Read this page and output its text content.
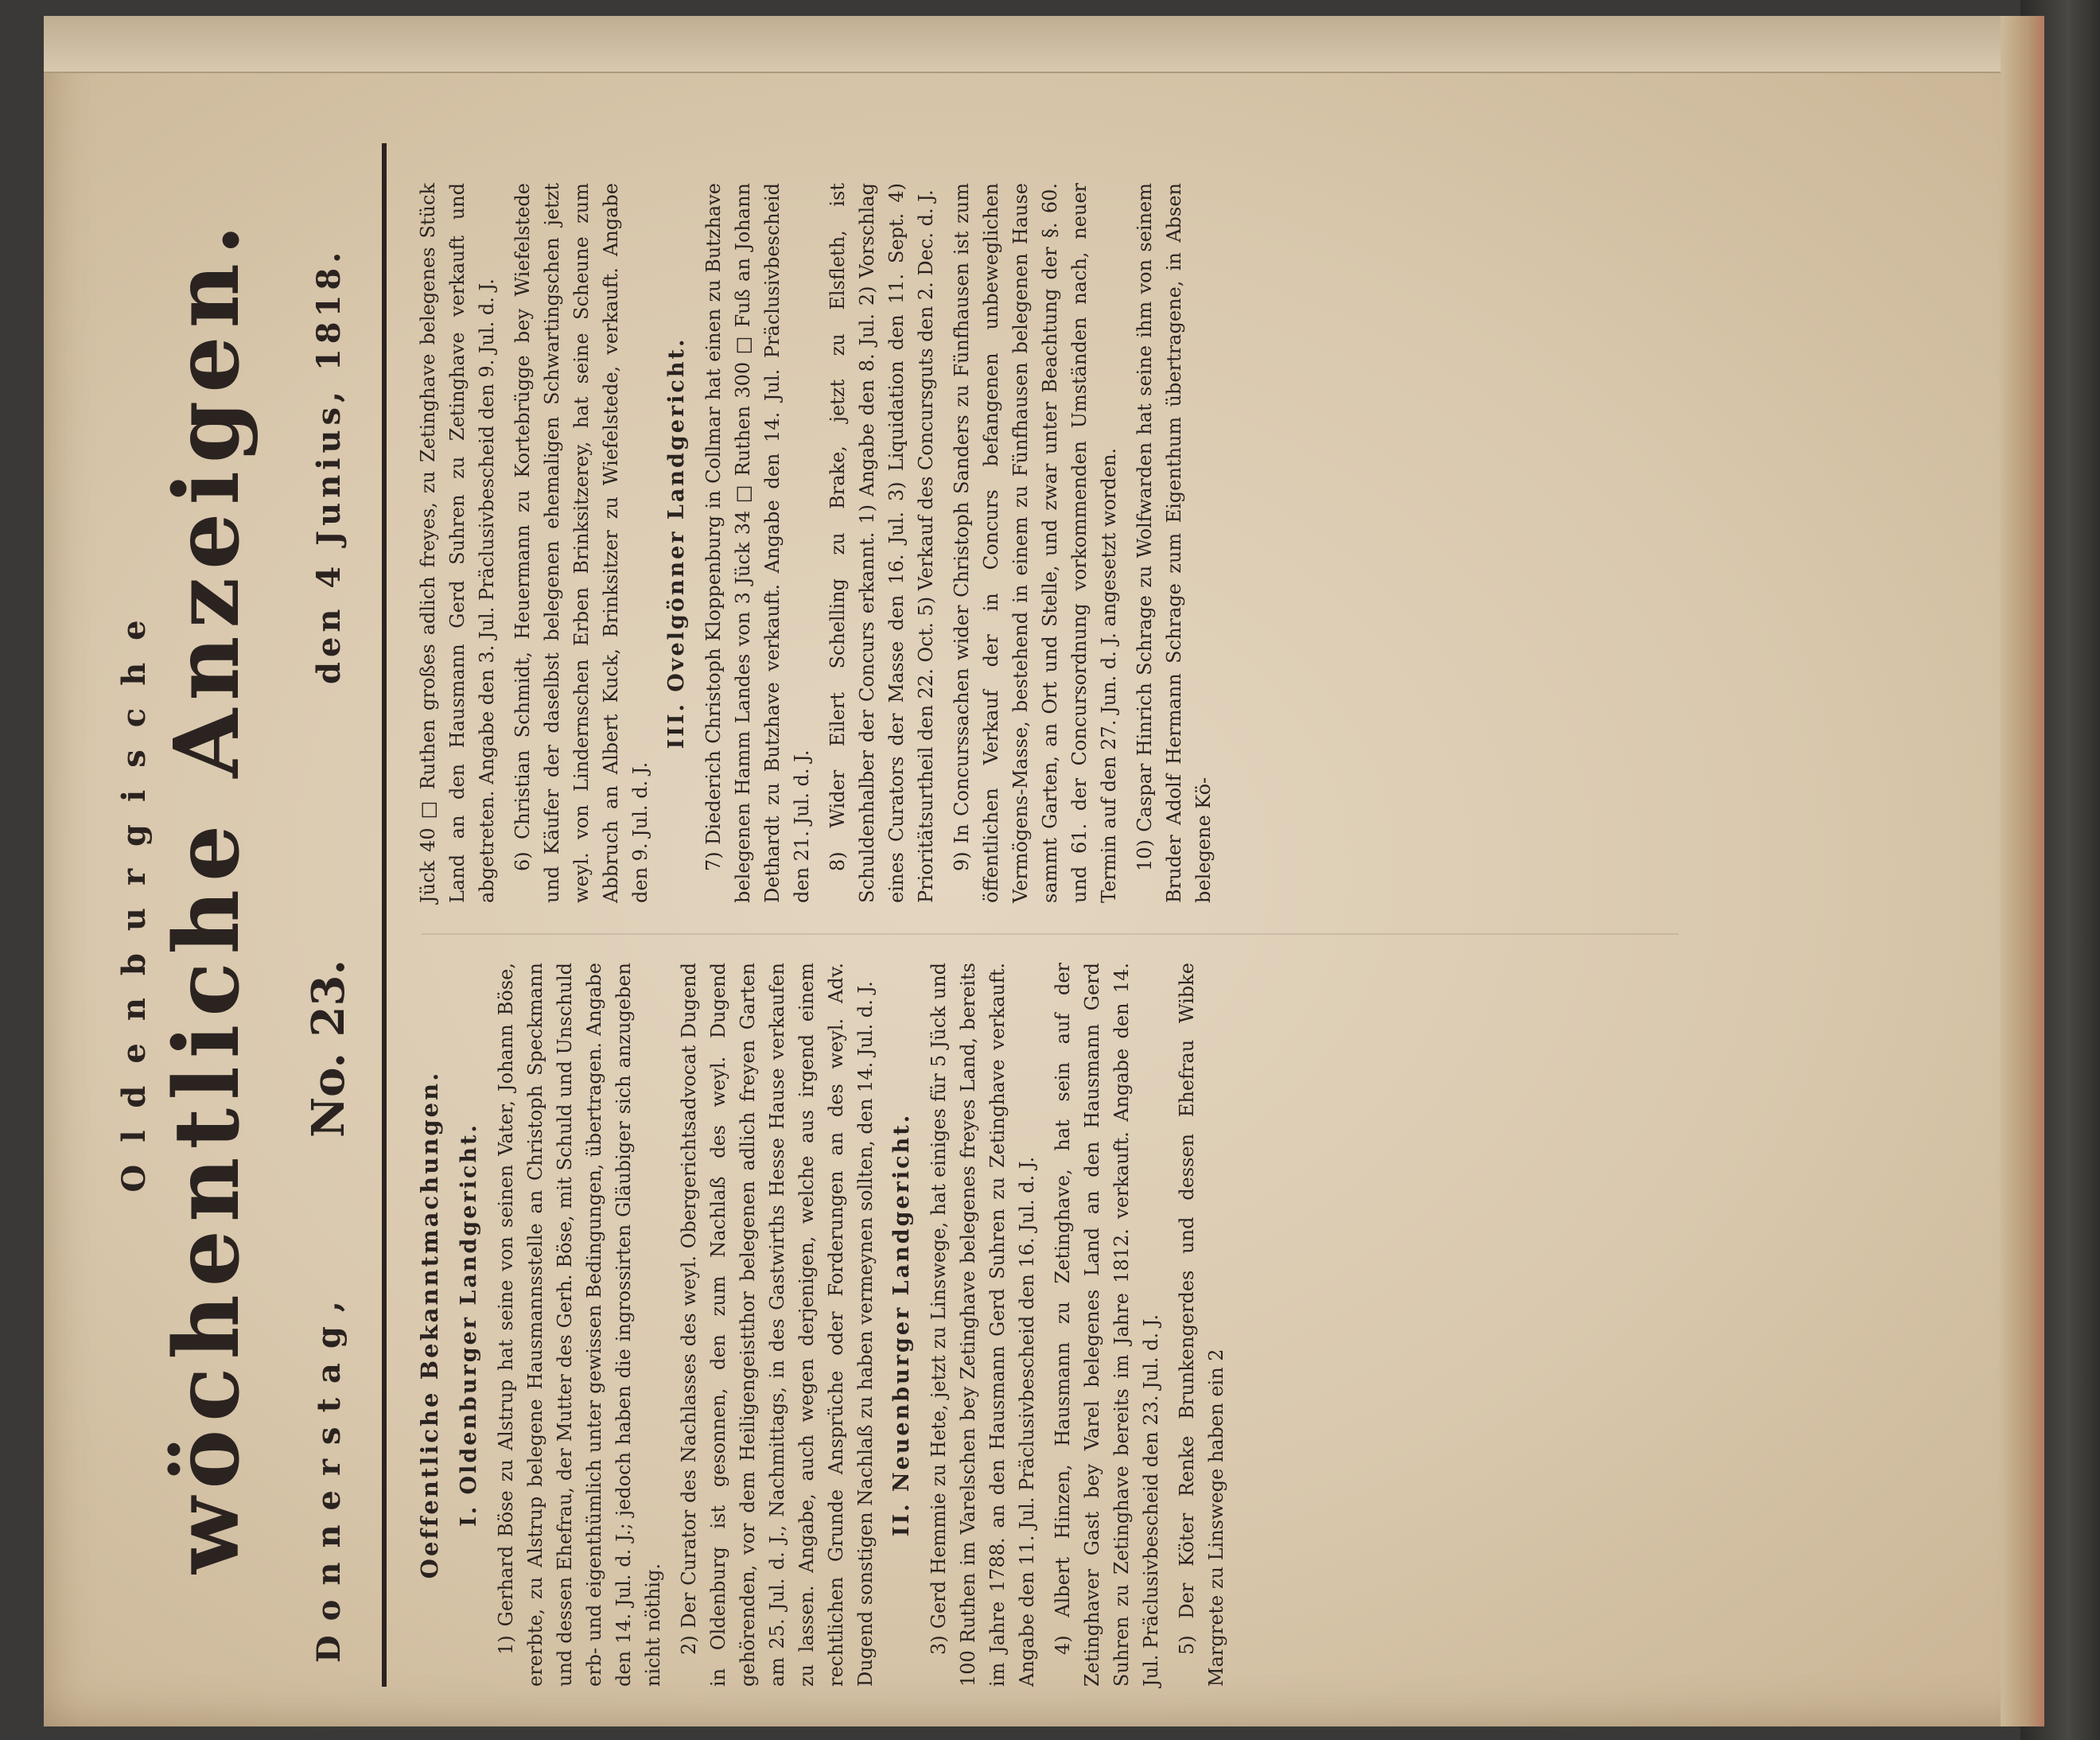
Oldenburgische wöchentliche Anzeigen. Donnerstag,
No. 23.
den 4 Junius, 1818.
Oeffentliche Bekanntmachungen. I. Oldenburger Landgericht. 1) Gerhard Böse zu Alstrup hat seine von seinen Vater, Johann Böse, ererbte, zu Alstrup belegene Hausmannsstelle an Christoph Speckmann und dessen Ehefrau, der Mutter des Gerh. Böse, mit Schuld und Unschuld erb- und eigenthümlich unter gewissen Bedingungen, übertragen. Angabe den 14. Jul. d. J.; jedoch haben die ingrossirten Gläubiger sich anzugeben nicht nöthig. 2) Der Curator des Nachlasses des weyl. Obergerichtsadvocat Dugend in Oldenburg ist gesonnen, den zum Nachlaß des weyl. Dugend gehörenden, vor dem Heiligengeistthor belegenen adlich freyen Garten am 25. Jul. d. J., Nachmittags, in des Gastwirths Hesse Hause verkaufen zu lassen. Angabe, auch wegen derjenigen, welche aus irgend einem rechtlichen Grunde Ansprüche oder Forderungen an des weyl. Adv. Dugend sonstigen Nachlaß zu haben vermeynen sollten, den 14. Jul. d. J. II. Neuenburger Landgericht. 3) Gerd Hemmie zu Hete, jetzt zu Linswege, hat einiges für 5 Jück und 100 Ruthen im Varelschen bey Zetinghave belegenes freyes Land, bereits im Jahre 1788. an den Hausmann Gerd Suhren zu Zetinghave verkauft. Angabe den 11. Jul. Präclusivbescheid den 16. Jul. d. J. 4) Albert Hinzen, Hausmann zu Zetinghave, hat sein auf der Zetinghaver Gast bey Varel belegenes Land an den Hausmann Gerd Suhren zu Zetinghave bereits im Jahre 1812. verkauft. Angabe den 14. Jul. Präclusivbescheid den 23. Jul. d. J. 5) Der Köter Renke Brunkengerdes und dessen Ehefrau Wibke Margrete zu Linswege haben ein 2

Jück 40 □ Ruthen großes adlich freyes, zu Zetinghave belegenes Stück Land an den Hausmann Gerd Suhren zu Zetinghave verkauft und abgetreten. Angabe den 3. Jul. Präclusivbescheid den 9. Jul. d. J. 6) Christian Schmidt, Heuermann zu Kortebrügge bey Wiefelstede und Käufer der daselbst belegenen ehemaligen Schwartingschen jetzt weyl. von Lindernschen Erben Brinksitzerey, hat seine Scheune zum Abbruch an Albert Kuck, Brinksitzer zu Wiefelstede, verkauft. Angabe den 9. Jul. d. J.

III. Ovelgönner Landgericht. 7) Diederich Christoph Kloppenburg in Collmar hat einen zu Butzhave belegenen Hamm Landes von 3 Jück 34 □ Ruthen 300 □ Fuß an Johann Dethardt zu Butzhave verkauft. Angabe den 14. Jul. Präclusivbescheid den 21. Jul. d. J. 8) Wider Eilert Schelling zu Brake, jetzt zu Elsfleth, ist Schuldenhalber der Concurs erkannt. 1) Angabe den 8. Jul. 2) Vorschlag eines Curators der Masse den 16. Jul. 3) Liquidation den 11. Sept. 4) Prioritätsurtheil den 22. Oct. 5) Verkauf des Concursguts den 2. Dec. d. J. 9) In Concurssachen wider Christoph Sanders zu Fünfhausen ist zum öffentlichen Verkauf der in Concurs befangenen unbeweglichen Vermögens-Masse, bestehend in einem zu Fünfhausen belegenen Hause sammt Garten, an Ort und Stelle, und zwar unter Beachtung der §. 60. und 61. der Concursordnung vorkommenden Umständen nach, neuer Termin auf den 27. Jun. d. J. angesetzt worden. 10) Caspar Hinrich Schrage zu Wolfwarden hat seine ihm von seinem Bruder Adolf Hermann Schrage zum Eigenthum übertragene, in Absen belegene Kö-
